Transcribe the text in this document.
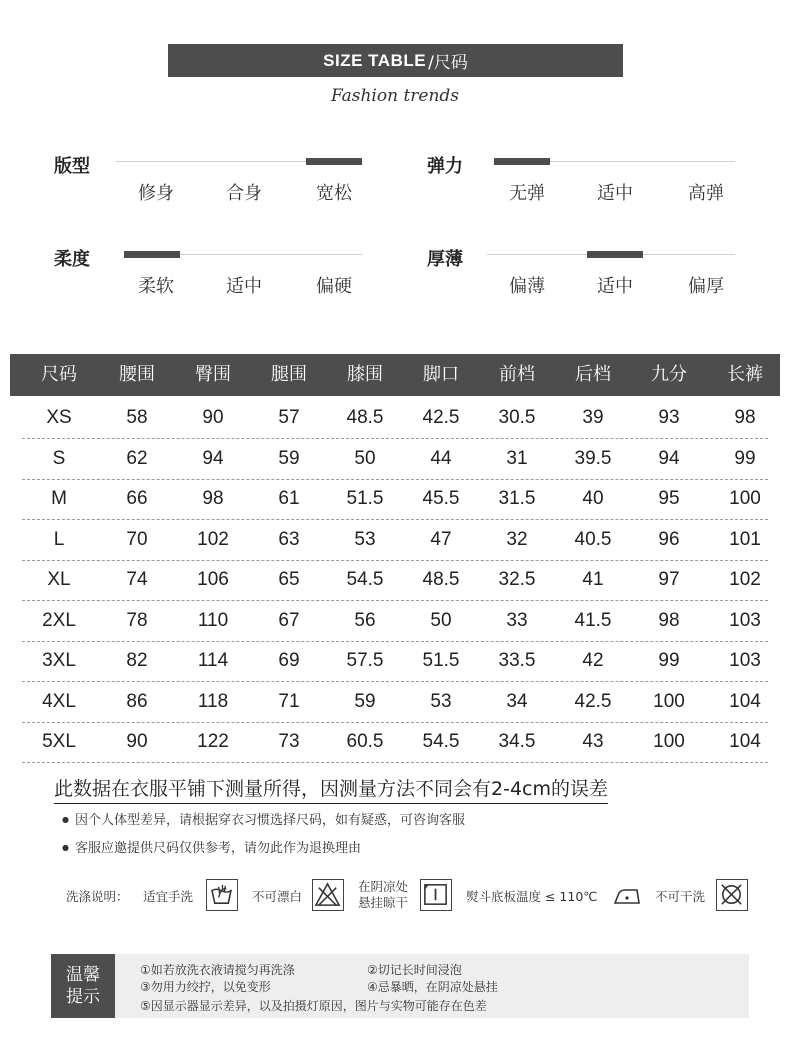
SIZE TABLE /尺码
Fashion trends
版型
修身	合身	宽松
弹力
无弹	适中	高弹
柔度
柔软	适中	偏硬
厚薄
偏薄	适中	偏厚
尺码	腰围	臀围	腿围	膝围	脚口	前档	后档	九分	长裤
XS	58	90	57	48.5	42.5	30.5	39	93	98
S	62	94	59	50	44	31	39.5	94	99
M	66	98	61	51.5	45.5	31.5	40	95	100
L	70	102	63	53	47	32	40.5	96	101
XL	74	106	65	54.5	48.5	32.5	41	97	102
2XL	78	110	67	56	50	33	41.5	98	103
3XL	82	114	69	57.5	51.5	33.5	42	99	103
4XL	86	118	71	59	53	34	42.5	100	104
5XL	90	122	73	60.5	54.5	34.5	43	100	104
此数据在衣服平铺下测量所得，因测量方法不同会有2-4cm的误差
● 因个人体型差异，请根据穿衣习惯选择尺码，如有疑惑，可咨询客服
● 客服应邀提供尺码仅供参考，请勿此作为退换理由
洗涤说明： 适宜手洗	不可漂白
在阴凉处
悬挂晾干	熨斗底板温度 ≤ 110℃	不可干洗
温馨
提示
①如若放洗衣液请搅匀再洗涤	②切记长时间浸泡
③勿用力绞拧，以免变形	④忌暴晒，在阴凉处悬挂
⑤因显示器显示差异，以及拍摄灯原因，图片与实物可能存在色差
